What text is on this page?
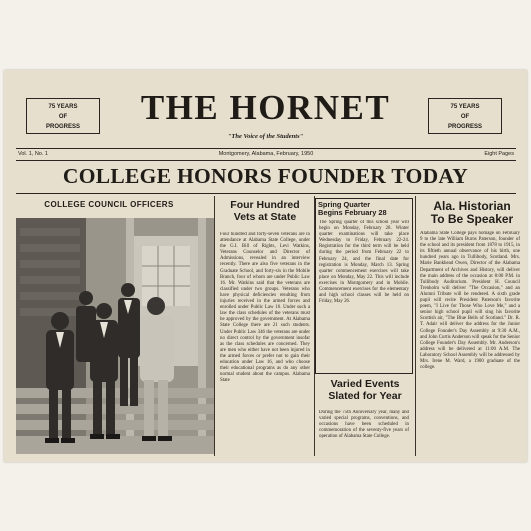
75 YEARS
OF
PROGRESS	THE HORNET	75 YEARS
OF
PROGRESS
"The Voice of the Students"
Vol. 1, No. 1	Montgomery, Alabama, February, 1950	Eight Pages
COLLEGE HONORS FOUNDER TODAY
COLLEGE COUNCIL OFFICERS	Four Hundred
Vets at State
Four hundred and forty-seven veterans are in attendance at Alabama State College, under the G.I. Bill of Rights, Levi Watkins, Veterans Counselor and Director of Admissions, revealed in an interview recently. There are also five veterans in the Graduate School, and forty-six in the Mobile Branch, four of whom are under Public Law 16. Mr. Watkins said that the veterans are classified under two groups. Veterans who have physical deficiencies resulting from injuries received in the armed forces and enrolled under Public Law 16. Under such a law the class schedules of the veterans must be approved by the government. At Alabama State College there are 21 such students. Under Public Law 346 the veterans are under no direct control by the government insofar as the class schedules are concerned. They are men who either have not been injured in the armed forces or prefer not to gain their education under Law 16, and who choose their educational programs as do any other normal student about the campus. Alabama State
Spring Quarter
Begins February 28
The Spring quarter of this school year will begin on Monday, February 28. Winter quarter examinations will take place Wednesday to Friday, February 22-24. Registration for the third term will be held during the period from February 22 to February 24, and the final date for registration is Monday, March 13. Spring quarter commencement exercises will take place on Monday, May 22. This will include exercises in Montgomery and in Mobile. Commencement exercises for the elementary and high school classes will be held on Friday, May 26.
Varied Events
Slated for Year
During the 75th Anniversary year, many and varied special programs, conventions, and occasions have been scheduled in commemoration of the seventy-five years of operation of Alabama State College.
Ala. Historian
To Be Speaker
Alabama State College pays homage on February 9 to the late William Burns Paterson, founder of the school and its president from 1878 to 1915, in its fiftieth annual observance of his birth, one hundred years ago in Tullibody, Scotland. Mrs. Marie Bankhead Owen, Director of the Alabama Department of Archives and History, will deliver the main address of the occasion at 8:00 P.M. in Tullibody Auditorium. President H. Council Trenholm will deliver "The Occasion," and an Alumni Tribute will be rendered. A sixth grade pupil will recite President Paterson's favorite poem, "I Live for Those Who Love Me," and a senior high school pupil will sing his favorite Scottish air, "The Blue Bells of Scotland." Dr. R. T. Adair will deliver the address for the Junior College Founder's Day Assembly at 9:30 A.M., and John Curtis Anderson will speak for the Senior College Founder's Day Assembly. Mr. Anderson's address will be delivered at 11:00 A.M. The Laboratory School Assembly will be addressed by Mrs. Irene M. Ward, a 1900 graduate of the college.
